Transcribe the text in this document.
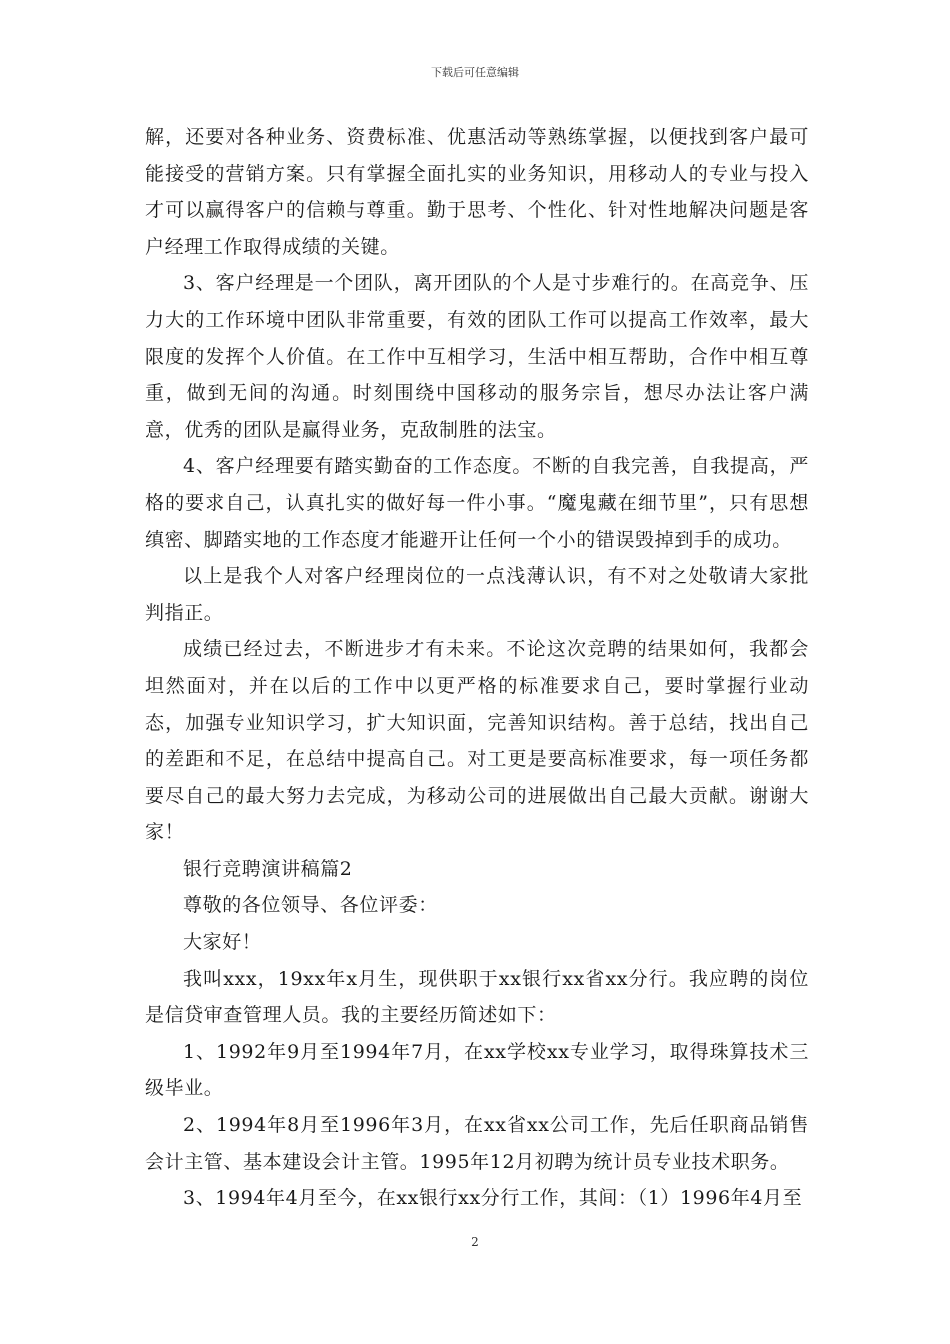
下载后可任意编辑

解，还要对各种业务、资费标准、优惠活动等熟练掌握，以便找到客户最可能接受的营销方案。只有掌握全面扎实的业务知识，用移动人的专业与投入才可以赢得客户的信赖与尊重。勤于思考、个性化、针对性地解决问题是客户经理工作取得成绩的关键。

3、客户经理是一个团队，离开团队的个人是寸步难行的。在高竞争、压力大的工作环境中团队非常重要，有效的团队工作可以提高工作效率，最大限度的发挥个人价值。在工作中互相学习，生活中相互帮助，合作中相互尊重，做到无间的沟通。时刻围绕中国移动的服务宗旨，想尽办法让客户满意，优秀的团队是赢得业务，克敌制胜的法宝。

4、客户经理要有踏实勤奋的工作态度。不断的自我完善，自我提高，严格的要求自己，认真扎实的做好每一件小事。“魔鬼藏在细节里”，只有思想缜密、脚踏实地的工作态度才能避开让任何一个小的错误毁掉到手的成功。

以上是我个人对客户经理岗位的一点浅薄认识，有不对之处敬请大家批判指正。

成绩已经过去，不断进步才有未来。不论这次竞聘的结果如何，我都会坦然面对，并在以后的工作中以更严格的标准要求自己，要时掌握行业动态，加强专业知识学习，扩大知识面，完善知识结构。善于总结，找出自己的差距和不足，在总结中提高自己。对工更是要高标准要求，每一项任务都要尽自己的最大努力去完成，为移动公司的进展做出自己最大贡献。谢谢大家！

银行竞聘演讲稿篇2

尊敬的各位领导、各位评委：

大家好！

我叫xxx，19xx年x月生，现供职于xx银行xx省xx分行。我应聘的岗位是信贷审查管理人员。我的主要经历简述如下：

1、1992年9月至1994年7月，在xx学校xx专业学习，取得珠算技术三级毕业。

2、1994年8月至1996年3月，在xx省xx公司工作，先后任职商品销售会计主管、基本建设会计主管。1995年12月初聘为统计员专业技术职务。

3、1994年4月至今，在xx银行xx分行工作，其间：（1）1996年4月至

2
